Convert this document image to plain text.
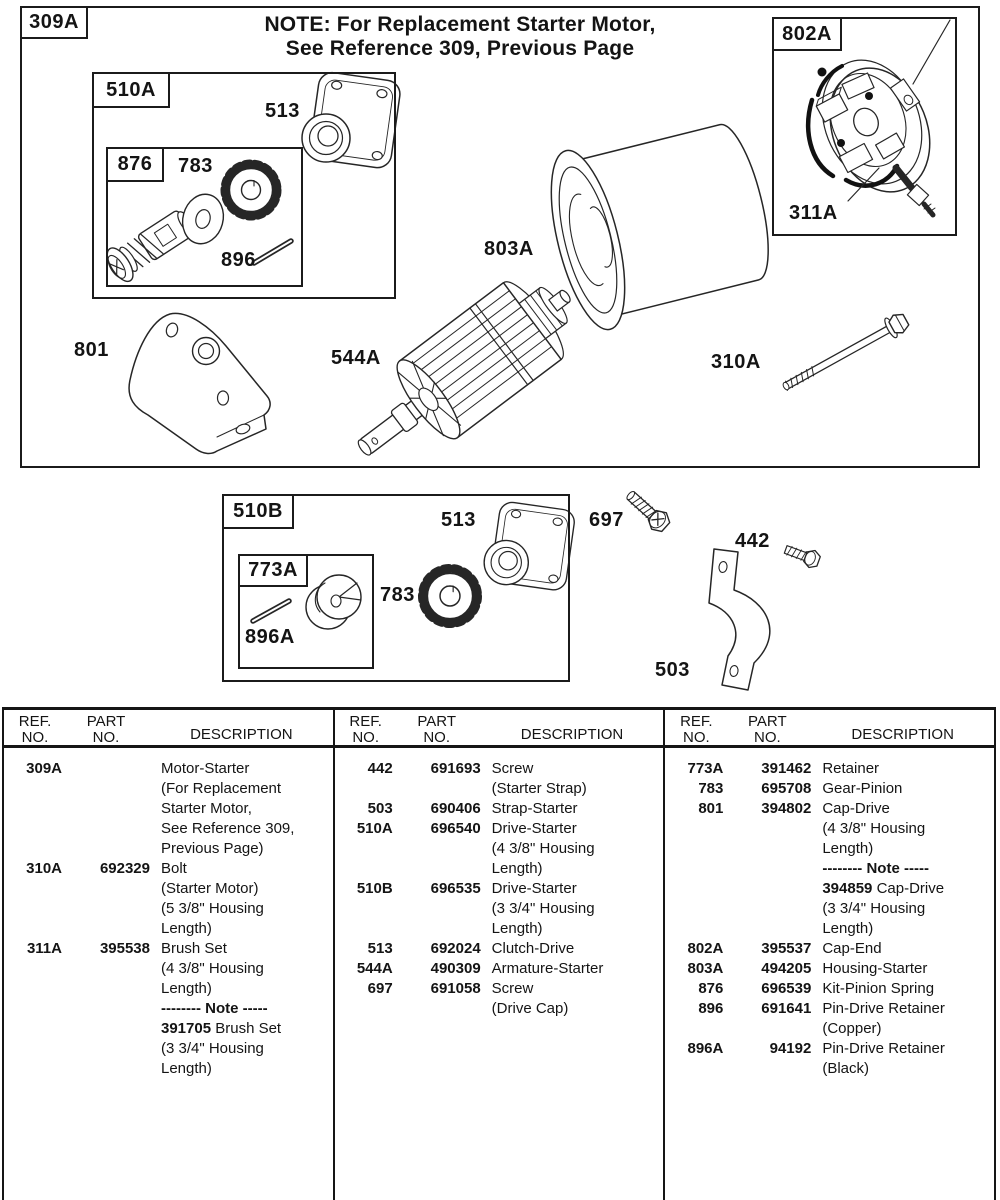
309A
510A
876
802A
510B
773A
NOTE: For Replacement Starter Motor,
See Reference 309, Previous Page
513
783
896
801	544A
803A
310A
311A
513
783
896A
697
442
503
REF.
NO.
PART
NO.	DESCRIPTION
309A	Motor-Starter
(For Replacement
Starter Motor,
See Reference 309,
Previous Page)
310A	692329 Bolt
(Starter Motor)
(5 3/8" Housing
Length)
311A	395538 Brush Set
(4 3/8" Housing
Length)
-------- Note -----
391705 Brush Set
(3 3/4" Housing
Length)
REF.
NO.
PART
NO.	DESCRIPTION
442	691693 Screw
(Starter Strap)
503	690406 Strap-Starter
510A	696540 Drive-Starter
(4 3/8" Housing
Length)
510B	696535 Drive-Starter
(3 3/4" Housing
Length)
513	692024 Clutch-Drive
544A	490309 Armature-Starter
697	691058 Screw
(Drive Cap)
REF.
NO.
PART
NO.	DESCRIPTION
773A	391462 Retainer
783	695708 Gear-Pinion
801	394802 Cap-Drive
(4 3/8" Housing
Length)
-------- Note -----
394859 Cap-Drive
(3 3/4" Housing
Length)
802A	395537 Cap-End
803A	494205 Housing-Starter
876	696539 Kit-Pinion Spring
896	691641 Pin-Drive Retainer
(Copper)
896A	94192 Pin-Drive Retainer
(Black)
